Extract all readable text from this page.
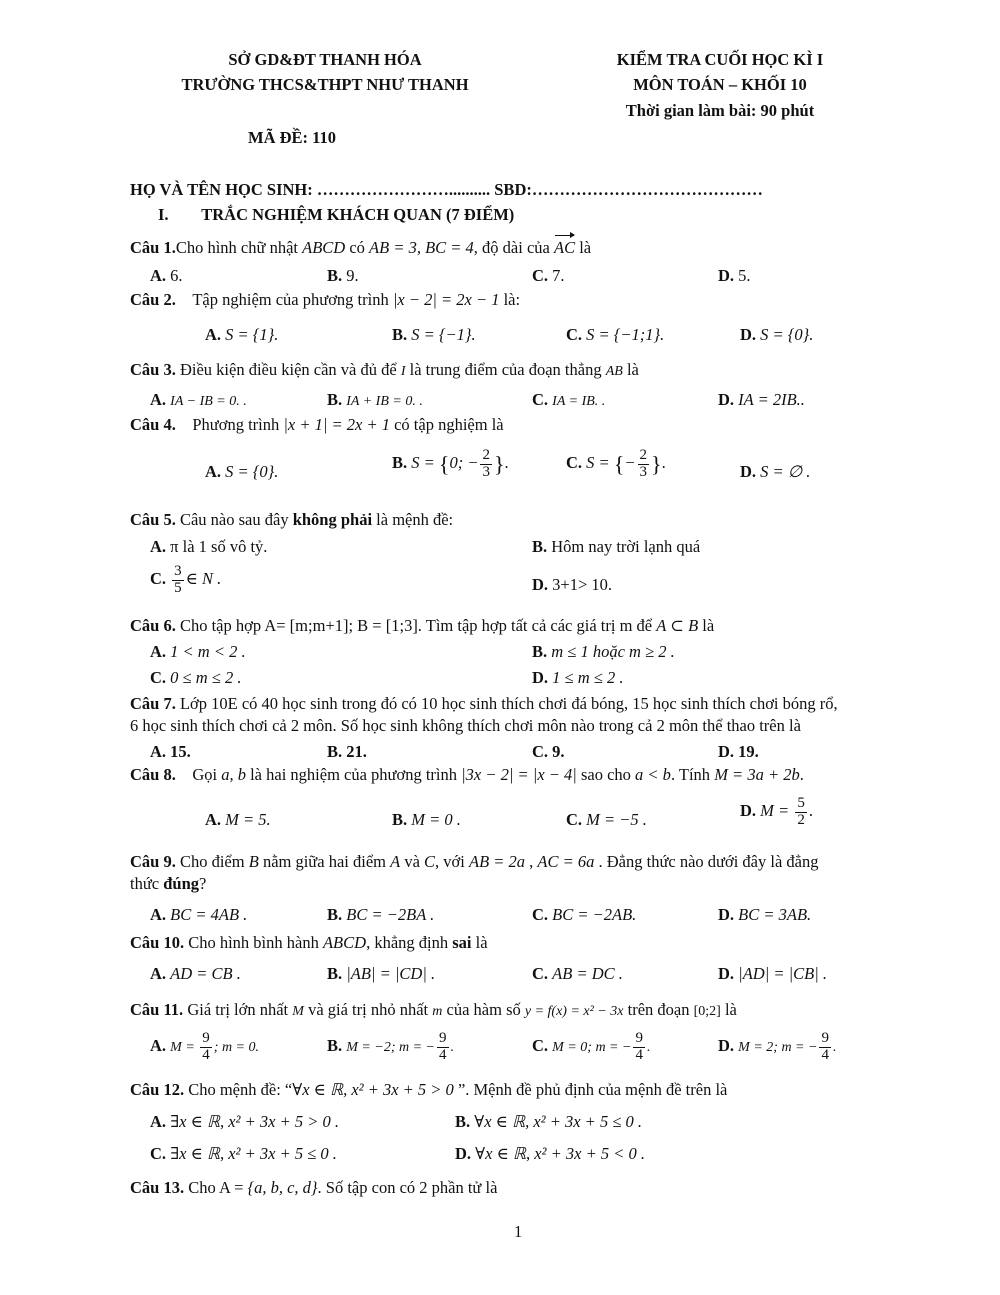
SỞ GD&ĐT THANH HÓA
TRƯỜNG THCS&THPT NHƯ THANH
KIỂM TRA CUỐI HỌC KÌ I
MÔN TOÁN – KHỐI 10
Thời gian làm bài: 90 phút
MÃ ĐỀ: 110
HỌ VÀ TÊN HỌC SINH: …………………….......... SBD:……………………………………
I.        TRẮC NGHIỆM KHÁCH QUAN (7 ĐIỂM)
Câu 1.Cho hình chữ nhật ABCD có AB = 3, BC = 4, độ dài của AC là
A. 6.	B. 9.	C. 7.	D. 5.
Câu 2. Tập nghiệm của phương trình |x − 2| = 2x − 1 là:
A. S = {1}.	B. S = {−1}.	C. S = {−1;1}.	D. S = {0}.
Câu 3. Điều kiện điều kiện cần và đủ để I là trung điểm của đoạn thẳng AB là
A. IA − IB = 0. .	B. IA + IB = 0. .	C. IA = IB. .	D. IA = 2IB..
Câu 4. Phương trình |x + 1| = 2x + 1 có tập nghiệm là
A. S = {0}.	B. S = {0; − $\frac{2}{3}$ }.	C. S = {− $\frac{2}{3}$ }.	D. S = ∅ .
Câu 5. Câu nào sau đây không phải là mệnh đề:
A. π là 1 số vô tỷ.	B. Hôm nay trời lạnh quá
C. $\frac{3}{5}$ ∈ N .	D. 3+1> 10.
Câu 6. Cho tập hợp A= [m;m+1]; B = [1;3]. Tìm tập hợp tất cả các giá trị m để A ⊂ B là
A. 1 < m < 2 .	B. m ≤ 1 hoặc m ≥ 2 .
C. 0 ≤ m ≤ 2 .	D. 1 ≤ m ≤ 2 .
Câu 7. Lớp 10E có 40 học sinh trong đó có 10 học sinh thích chơi đá bóng, 15 học sinh thích chơi bóng rổ,
6 học sinh thích chơi cả 2 môn. Số học sinh không thích chơi môn nào trong cả 2 môn thể thao trên là
A. 15.	B. 21.	C. 9.	D. 19.
Câu 8. Gọi a, b là hai nghiệm của phương trình |3x − 2| = |x − 4| sao cho a < b. Tính M = 3a + 2b.
A. M = 5.	B. M = 0 .	C. M = −5 .	D. $M = \frac{5}{2}$ .
Câu 9. Cho điểm B nằm giữa hai điểm A và C, với AB = 2a , AC = 6a . Đẳng thức nào dưới đây là đẳng
thức đúng?
A. BC = 4AB .	B. BC = −2BA .	C. BC = −2AB.	D. BC = 3AB.
Câu 10. Cho hình bình hành ABCD, khẳng định sai là
A. AD = CB .	B. |AB| = |CD| .	C. AB = DC .	D. |AD| = |CB| .
Câu 11. Giá trị lớn nhất M và giá trị nhỏ nhất m của hàm số y = f(x) = x² − 3x trên đoạn [0;2] là
A. $M = \frac{9}{4}$ ; m = 0.	B. M = −2; m = − $\frac{9}{4}$ .	C. M = 0; m = − $\frac{9}{4}$ .	D. M = 2; m = − $\frac{9}{4}$ .
Câu 12. Cho mệnh đề: “∀x ∈ ℝ, x² + 3x + 5 > 0 ”. Mệnh đề phủ định của mệnh đề trên là
A. ∃x ∈ ℝ, x² + 3x + 5 > 0 .	B. ∀x ∈ ℝ, x² + 3x + 5 ≤ 0 .
C. ∃x ∈ ℝ, x² + 3x + 5 ≤ 0 .	D. ∀x ∈ ℝ, x² + 3x + 5 < 0 .
Câu 13. Cho A = {a, b, c, d}. Số tập con có 2 phần tử là
1
